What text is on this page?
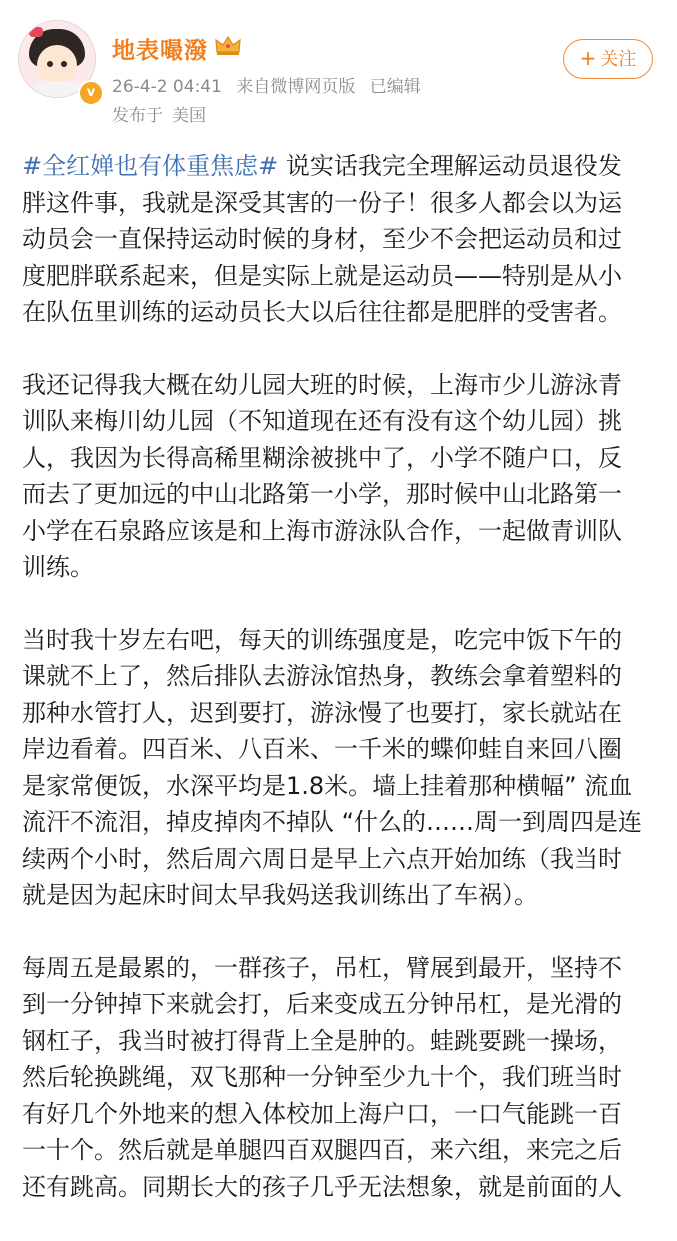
v
地表嘬潑
26-4-2 04:41 来自微博网页版 已编辑
发布于 美国
+ 关注
#全红婵也有体重焦虑# 说实话我完全理解运动员退役发
胖这件事，我就是深受其害的一份子！很多人都会以为运
动员会一直保持运动时候的身材，至少不会把运动员和过
度肥胖联系起来，但是实际上就是运动员——特别是从小
在队伍里训练的运动员长大以后往往都是肥胖的受害者。
我还记得我大概在幼儿园大班的时候，上海市少儿游泳青
训队来梅川幼儿园（不知道现在还有没有这个幼儿园）挑
人，我因为长得高稀里糊涂被挑中了，小学不随户口，反
而去了更加远的中山北路第一小学，那时候中山北路第一
小学在石泉路应该是和上海市游泳队合作，一起做青训队
训练。
当时我十岁左右吧，每天的训练强度是，吃完中饭下午的
课就不上了，然后排队去游泳馆热身，教练会拿着塑料的
那种水管打人，迟到要打，游泳慢了也要打，家长就站在
岸边看着。四百米、八百米、一千米的蝶仰蛙自来回八圈
是家常便饭，水深平均是1.8米。墙上挂着那种横幅” 流血
流汗不流泪，掉皮掉肉不掉队 “什么的……周一到周四是连
续两个小时，然后周六周日是早上六点开始加练（我当时
就是因为起床时间太早我妈送我训练出了车祸）。
每周五是最累的，一群孩子，吊杠，臂展到最开，坚持不
到一分钟掉下来就会打，后来变成五分钟吊杠，是光滑的
钢杠子，我当时被打得背上全是肿的。蛙跳要跳一操场，
然后轮换跳绳，双飞那种一分钟至少九十个，我们班当时
有好几个外地来的想入体校加上海户口，一口气能跳一百
一十个。然后就是单腿四百双腿四百，来六组，来完之后
还有跳高。同期长大的孩子几乎无法想象，就是前面的人
